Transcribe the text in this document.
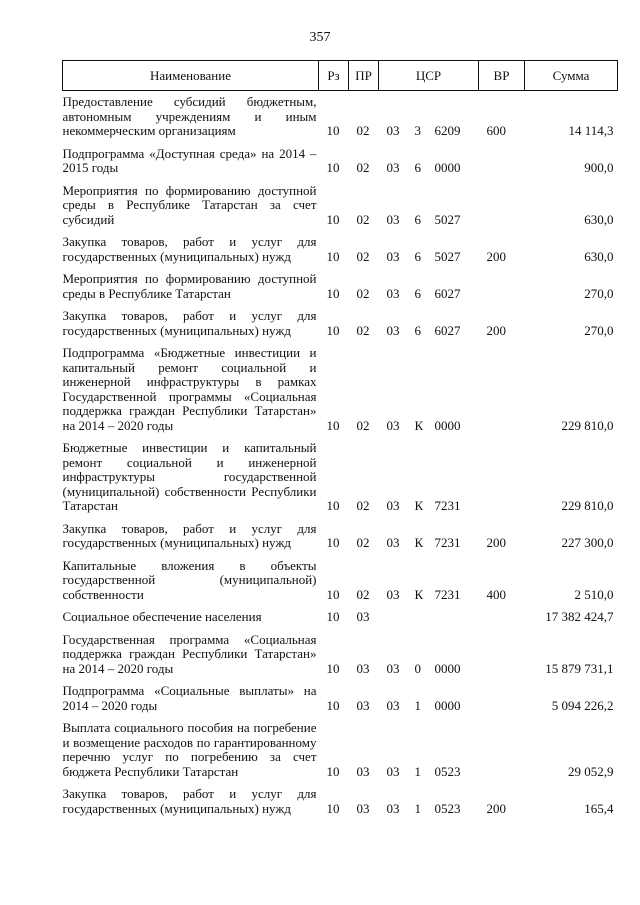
357
Наименование	Рз	ПР	ЦСР			ВР	Сумма
Предоставление субсидий бюджетным, автономным учреждениям и иным некоммерческим организациям	10	02	03	3	6209	600	14 114,3
Подпрограмма «Доступная среда» на 2014 – 2015 годы	10	02	03	6	0000		900,0
Мероприятия по формированию доступной среды в Республике Татарстан за счет субсидий	10	02	03	6	5027		630,0
Закупка товаров, работ и услуг для государственных (муниципальных) нужд	10	02	03	6	5027	200	630,0
Мероприятия по формированию доступной среды в Республике Татарстан	10	02	03	6	6027		270,0
Закупка товаров, работ и услуг для государственных (муниципальных) нужд	10	02	03	6	6027	200	270,0
Подпрограмма «Бюджетные инвестиции и капитальный ремонт социальной и инженерной инфраструктуры в рамках Государственной программы «Социальная поддержка граждан Республики Татарстан» на 2014 – 2020 годы	10	02	03	К	0000		229 810,0
Бюджетные инвестиции и капитальный ремонт социальной и инженерной инфраструктуры государственной (муниципальной) собственности Республики Татарстан	10	02	03	К	7231		229 810,0
Закупка товаров, работ и услуг для государственных (муниципальных) нужд	10	02	03	К	7231	200	227 300,0
Капитальные вложения в объекты государственной (муниципальной) собственности	10	02	03	К	7231	400	2 510,0
Социальное обеспечение населения	10	03					17 382 424,7
Государственная программа «Социальная поддержка граждан Республики Татарстан» на 2014 – 2020 годы	10	03	03	0	0000		15 879 731,1
Подпрограмма «Социальные выплаты» на 2014 – 2020 годы	10	03	03	1	0000		5 094 226,2
Выплата социального пособия на погребение и возмещение расходов по гарантированному перечню услуг по погребению за счет бюджета Республики Татарстан	10	03	03	1	0523		29 052,9
Закупка товаров, работ и услуг для государственных (муниципальных) нужд	10	03	03	1	0523	200	165,4
